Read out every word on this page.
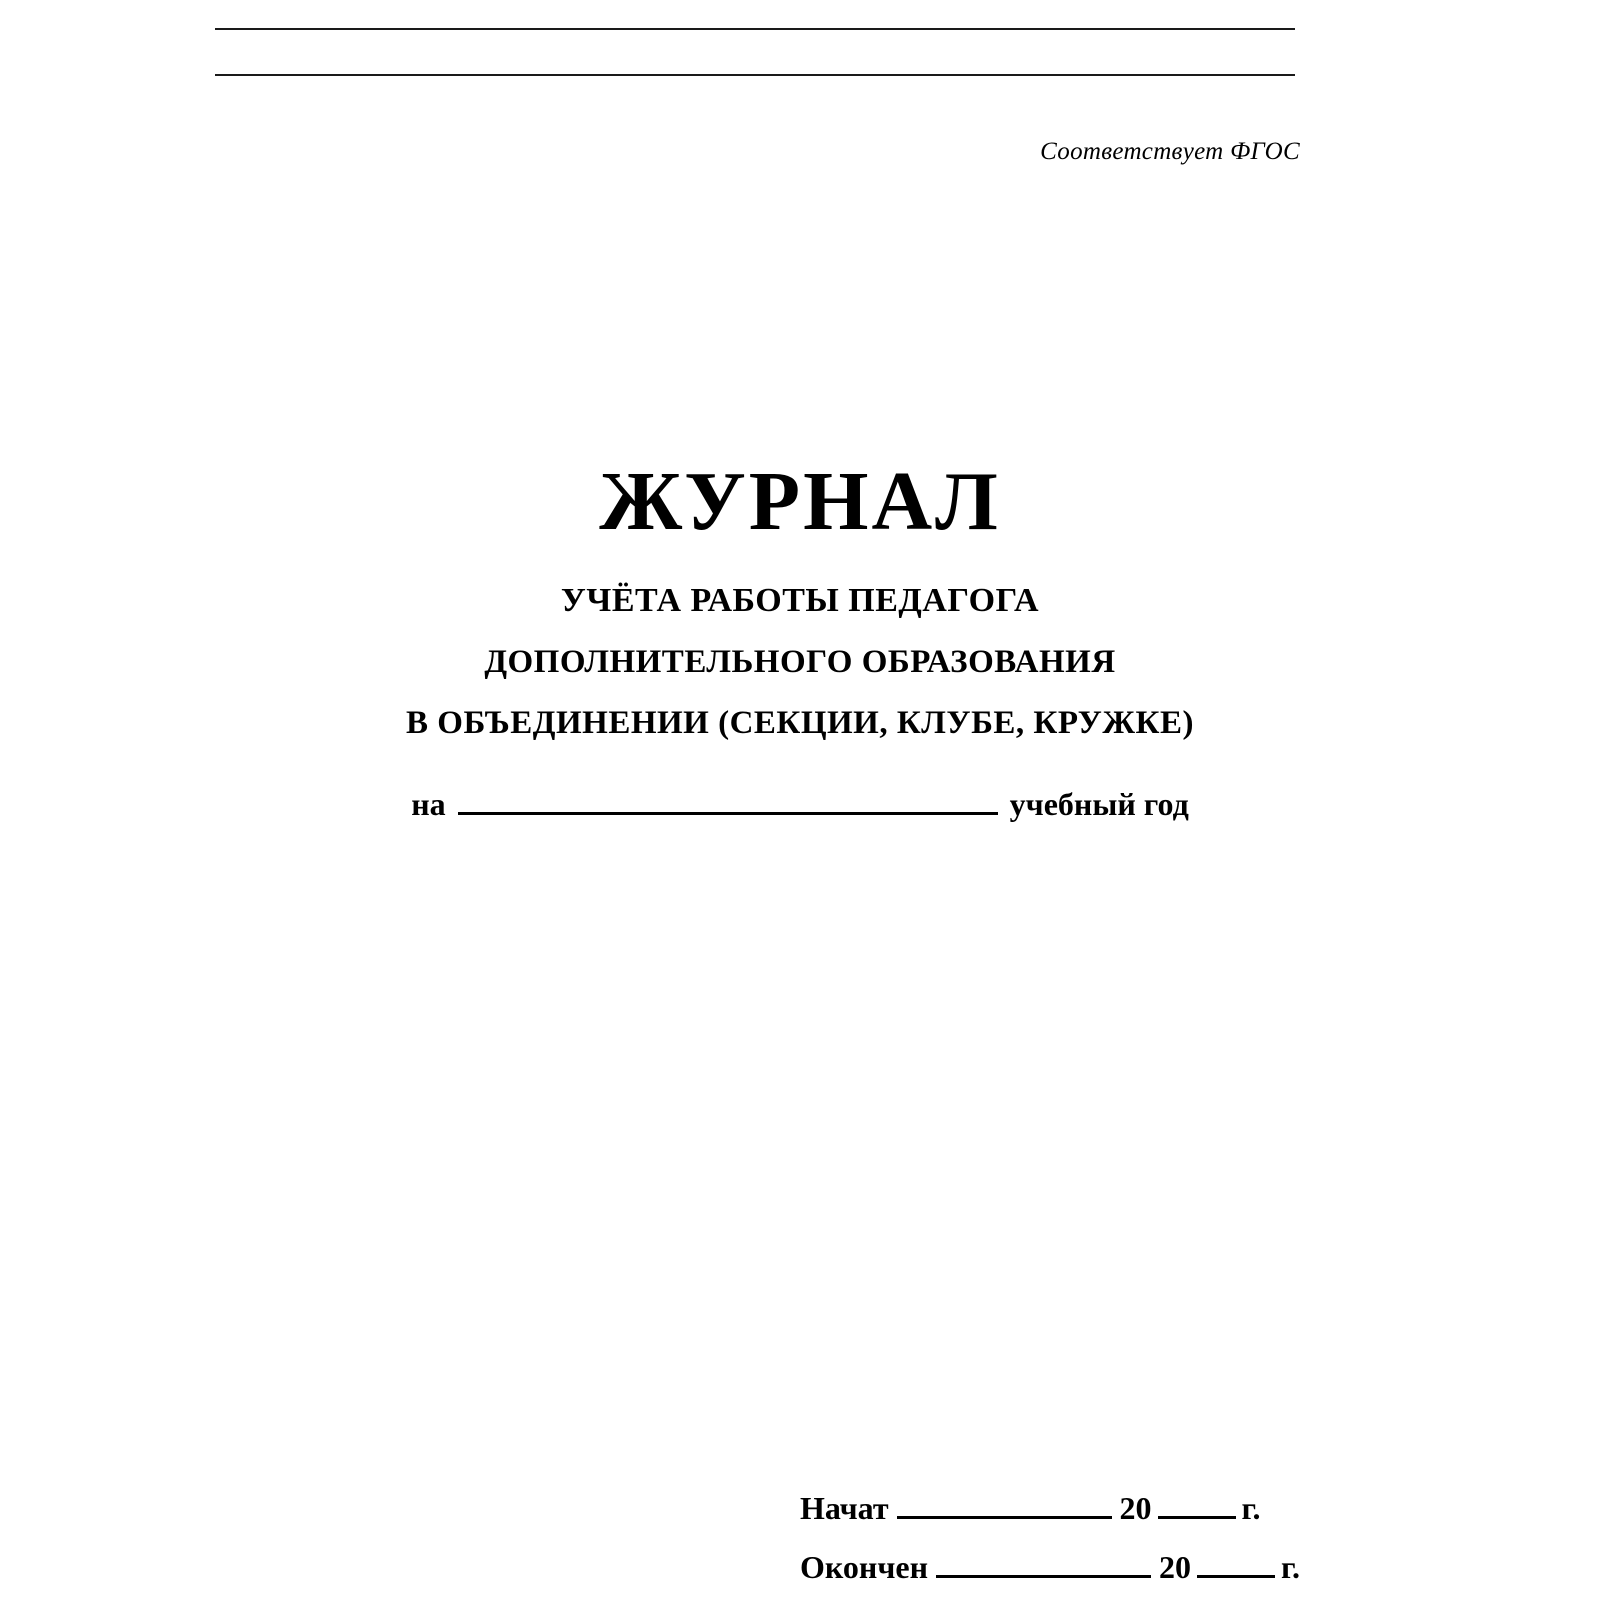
Соответствует ФГОС
ЖУРНАЛ
УЧЁТА РАБОТЫ ПЕДАГОГА
ДОПОЛНИТЕЛЬНОГО ОБРАЗОВАНИЯ
В ОБЪЕДИНЕНИИ (СЕКЦИИ, КЛУБЕ, КРУЖКЕ)
на	учебный год
Начат	20	г.
Окончен	20	г.
